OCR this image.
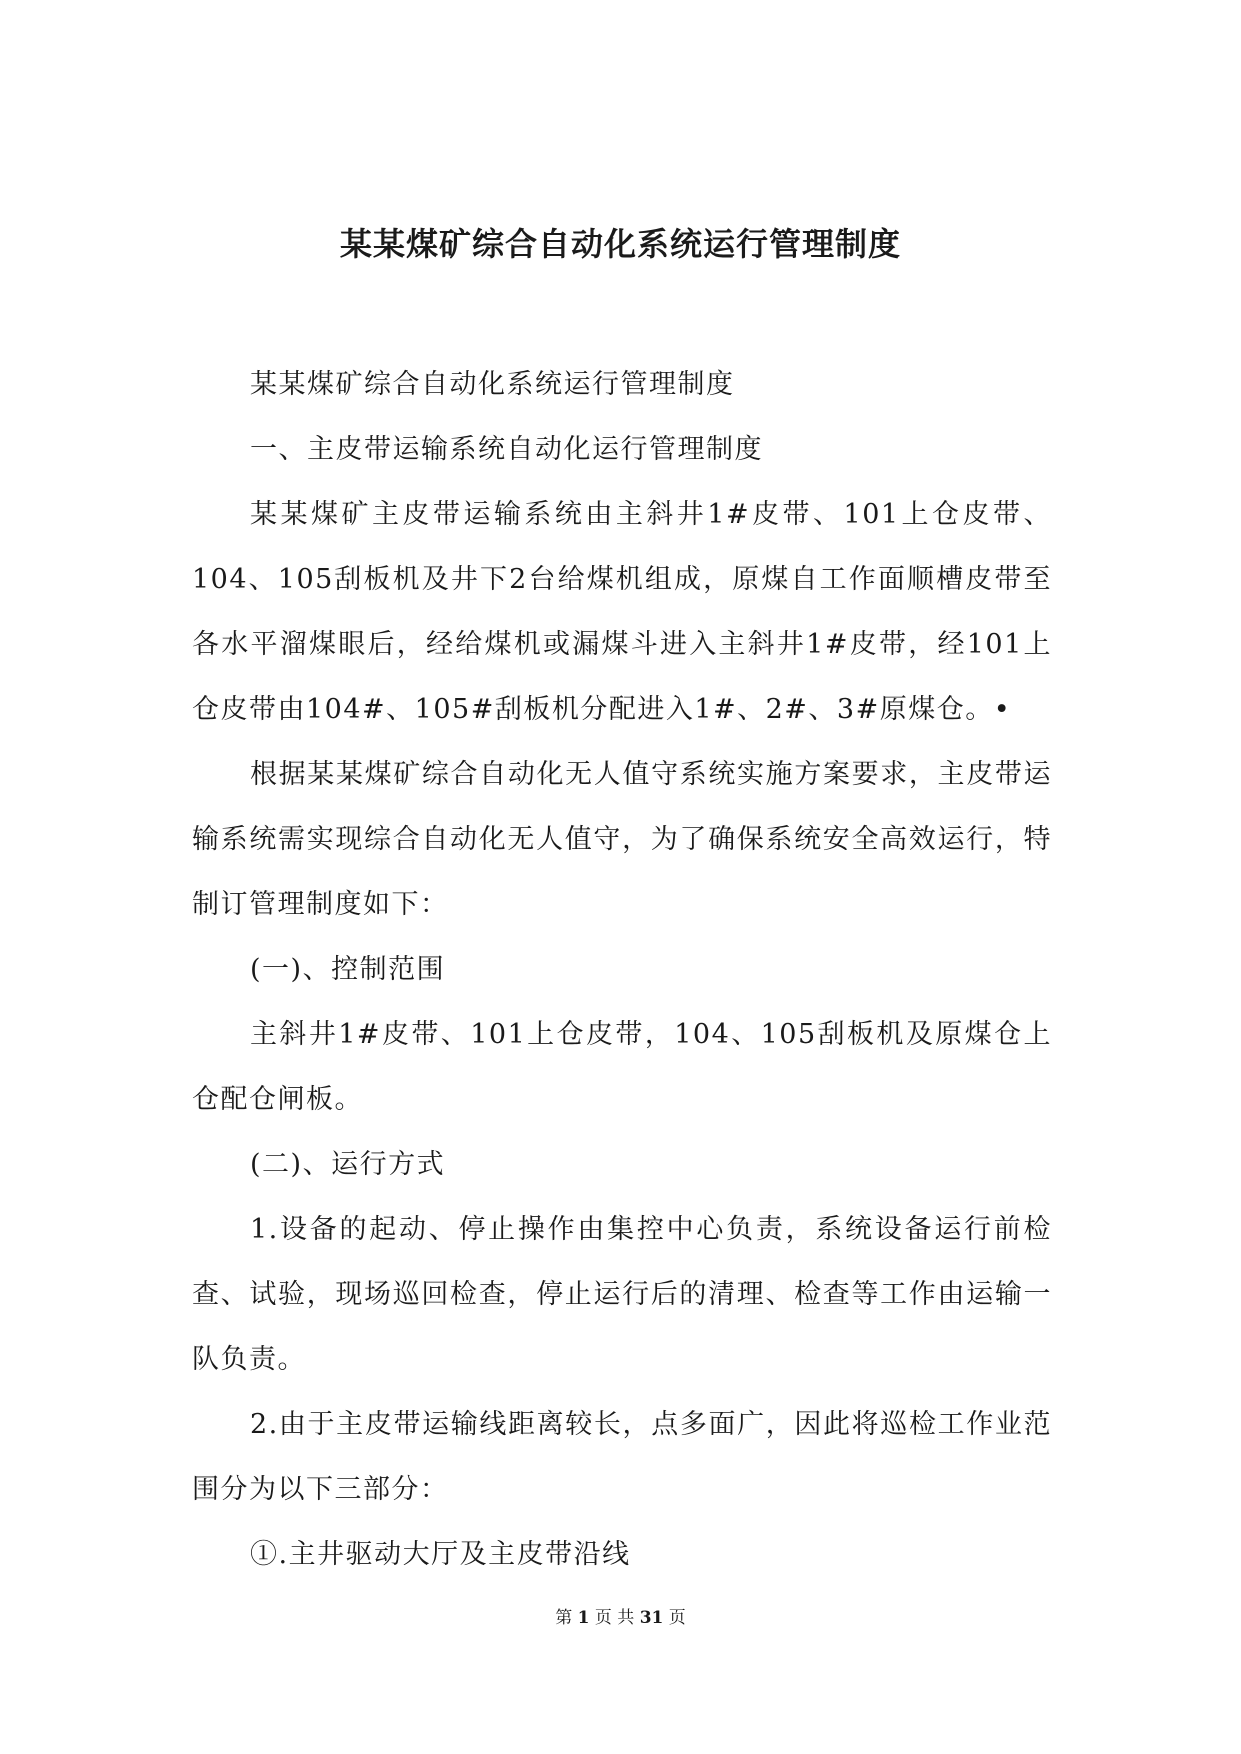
某某煤矿综合自动化系统运行管理制度

某某煤矿综合自动化系统运行管理制度

一、主皮带运输系统自动化运行管理制度

某某煤矿主皮带运输系统由主斜井1#皮带、101上仓皮带、104、105刮板机及井下2台给煤机组成，原煤自工作面顺槽皮带至各水平溜煤眼后，经给煤机或漏煤斗进入主斜井1#皮带，经101上仓皮带由104#、105#刮板机分配进入1#、2#、3#原煤仓。•

根据某某煤矿综合自动化无人值守系统实施方案要求，主皮带运输系统需实现综合自动化无人值守，为了确保系统安全高效运行，特制订管理制度如下：

(一)、控制范围

主斜井1#皮带、101上仓皮带，104、105刮板机及原煤仓上仓配仓闸板。

(二)、运行方式

1.设备的起动、停止操作由集控中心负责，系统设备运行前检查、试验，现场巡回检查，停止运行后的清理、检查等工作由运输一队负责。

2.由于主皮带运输线距离较长，点多面广，因此将巡检工作业范围分为以下三部分：

①.主井驱动大厅及主皮带沿线

第 1 页 共 31 页
